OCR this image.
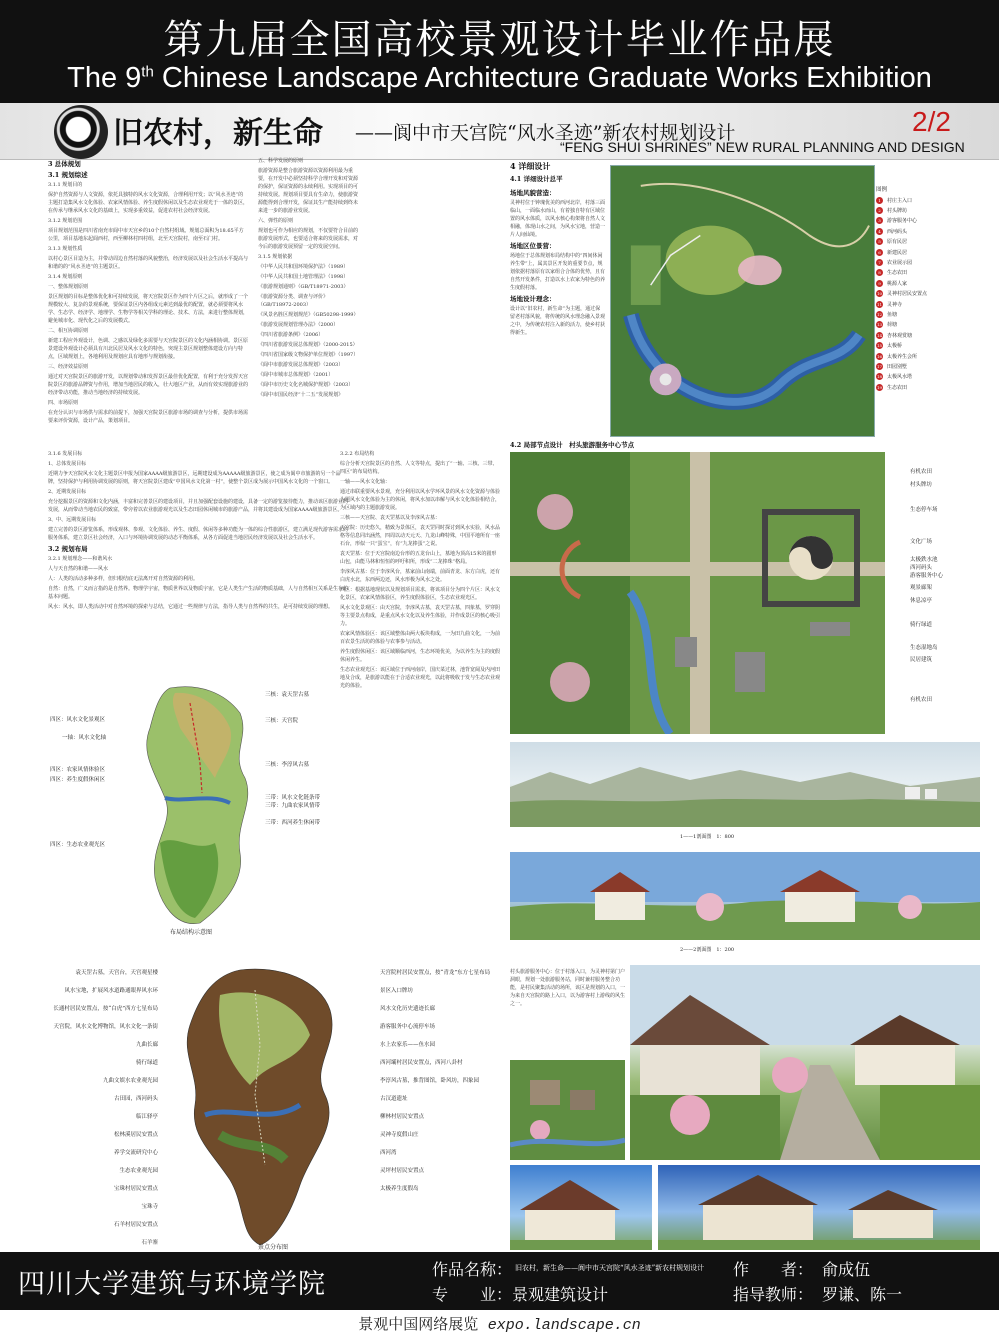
第九届全国高校景观设计毕业作品展
The 9th Chinese Landscape Architecture Graduate Works Exhibition
旧农村，新生命 ——阆中市天宫院“风水圣迹”新农村规划设计	2/2
“FENG SHUI SHRINES” NEW RURAL PLANNING AND DESIGN

3 总体规划

3.1 规划综述

3.1.1 规划目的

保护自然资源与人文资源，依托具独特的风水文化资源，合理利用开发；以“风水圣迹”的主题打造集风水文化体验、农家风情体验、养生度假休闲以及生态农业观光于一体的景区，在传承与继承风水文化的基础上，实现多重效益，促进农村社会经济发展。

3.1.2 规划范围

项目规划范围是四川省南充市阆中市天宫乡的10个自然村组域。规划总面积为18.65平方公里，项目基地东起阆西村，西至柳林村四村组，北至天宫院村，南至石门村。

3.1.3 规划性质

以村心景区目造为主，并带动周边自然村落的风貌整治，经济发展以及社会生活水平提高与和谐的的“风水圣迹”的主题景区。

3.1.4 规划原则

一、整体规划原则

景区规划的目标是整体优化和可持续发展，将天宫院景区作为四个片区之后，就形成了一个规模较大、复杂的景观系统，要保证景区内各组成元素达到最优的配置，就必须要将风水学、生态学、经济学、地理学、生物学等相关学科的理论、技术、方法，来进行整体规划，避免城市化、现代化之后的发展模式。

二、相互协调原则

新建工程应外观设计，色调、之感以及绿化多需要与天宫院景区的文化内涵相协调。景区原景建设外观设计必须具有川北民居及风水文化的特色，突现主景区规划整体建设方向与特点，区域规划上，各地利用及规划应具有地形与规划衔接。

三、经济效益原则

通过对天宫院景区的旅游开发，以规划带动和发挥景区最佳优化配置，有利于充分发挥天宫院景区的旅游品牌资与作用，增加当地居民的收入，壮大地区产业，从而有效实现旅游业的经济带动功能，推动当地经济的持续发展。

四、市场原则

在充分认识与市场供与需求的前提下，加强天宫院景区旅游市场的调查与分析，提供市场需要来评价资源，设计产品，策划项目。

五、科学发展的原则

旅游资源是整合旅游资源以资源利用最为重要，在开发中必须坚持科学合理开发和对资源的保护，保证资源的永续利用。实现项目的可持续发展。规划项目要具有生命力，使旅游资源能得到合理开发，保证其生产能持续到终未来进一步的旅游业发展。

六、弹性的原则

规划也可作为相应的规划，不仅要符合目前的旅游发展形式，也要适合将来的发展需求，对今后的旅游发展预留一定的发展空间。

3.1.5 规划依据

《中华人民共和国环境保护法》（1989）

《中华人民共和国土地管理法》（1998）

《旅游规划通则》（GB/T18971-2003）

《旅游资源分类、调查与评价》（GB/T18972-2003）

《风景名胜区规划规范》（GB50298-1999）

《旅游发展规划管理办法》（2000）

《四川省旅游条例》（2006）

《四川省旅游发展总体规划》（2000-2015）

《四川省国家级文物保护单位规划》（1997）

《阆中市旅游发展总体规划》（2003）

《阆中市城市总体规划》（2001）

《阆中市历史文化名城保护规划》（2003）

《阆中市国民经济“十二五”发展规划》

3.1.6 发展目标

1、总体发展目标

近期力争天宫院风水文化主题景区申报为国家AAAA级旅游景区，远期建设成为AAAAA级旅游景区，使之成为阆中市旅游的另一个品牌，坚持保护与利用协调发展的原则，将天宫院景区建成“中国风水文化第一村”，使整个景区成为展示中国风水文化的一个窗口。

2、近期发展目标

充分挖掘景区的资源和文化内涵，丰富和完善景区的建设项目，并且加强配套设施的建设，具备一定的游览接待能力，推动该区旅游业的发展，从而带动当地农民的致富，带旁着以农业旅游观光以及生态田园休闲城市的旅游产品，并将其建设成为国家AAAA级旅游景区。

3、中、远期发展目标

建立完善的景区游览体系，形成观林、参观、文化体验、养生、度假、休闲等多种功能为一体的综合性旅游区，建立满足现代游客需求的服务体系，建立景区社会经济，入口与环境协调发展的动态平衡体系，从各方面促进当地居民经济发展以及社会生活水平。

3.2 规划布局

3.2.1 规划理念——和谐风水

人与天自然的和谐——风水

人：人类的活动多种多样，但归根结底无法离开对自然资源的利用。

自然：自然，广义而言指的是自然界。物理学宇宙，物质世界以及物质宇宙，它是人类生产生活的物质基础，人与自然相互关系是生存的基本问题。

风水：风水，即人类活动中对自然环境的探索与总结，它通过一些规律与方法，指导人类与自然界的共生，是可持续发展的理想。

3.2.2 布局结构

综合分析天宫院景区的自然、人文等特点，提出了“一轴、三核、三带、四区”的布局结构。

一轴——风水文化轴：

通过串联重要风水景观，充分利用以风水学环风景的风水文化资源与体验为题风水文化体验为主的休闲，将风水加以串解与风水文化体验相结合，为区域内的主题旅游发展。

三核——天宫院、袁天罡墓以及李淳风古墓：

天宫院：历史悠久，精致为景体区，袁天罡同时探讨到风水实验，风水品格等信息同出涵然，四周以动天元天、九龙山峰特殊，中国平地所有一座石台，形似一只“蛋宝”，有“九龙捧蛋”之说。

袁天罡墓：位于天宫院南边台形的五龙台山上，墓地为顶高15米的圆形山包，由能马林和恒恒的呼吁积所，形成“二龙捧珠”格局。

李淳风古墓：位于李淳风台，墓家前山南端，前面青龙、东方白虎，还有白虎水北，东西两边还，风水形极为风水之处。

四区：根据基地现状以及规划项目需求，将该项目分为四个片区：风水文化景区，农家风情体验区，养生度假体验区，生态农业观光区。

风水文化景观区：由天宫院，李淳风古墓，袁天罡古墓，四象墓，罗穿阴等主要景点构成，是重点风水文化以及养生体验，并作成景区的核心吸引力。

农家风情体验区：该区域整体由两大板块构成，一为田九曲文化，一为前百农景生活坊的体验与农事参与活动。

养生度假休闲区：该区域顺临西河，生态环境优美，为以养生为主的度假休闲养生。

生态农业观光区：该区域位于西河南岸，国庆菜过林，池背宽阔及内河田地及合成，是旅游以能在于合适农业观光，以此将吸收于发与生态农业观光的体验。

三核：袁天罡古墓
三核：天宫院
三核：李淳风古墓
三带：风水文化链条带
三带：九曲农家风情带
三带：西河养生休闲带
四区：风水文化景观区
一轴：风水文化轴
四区：农家风情体验区
四区：养生度假休闲区
四区：生态农业观光区
布局结构示意图
袁天罡古墓，天宫台，天宫观星楼
风水宝地，扩展风水道路通眼界风水环
长通村居民安置点，按“白虎”西方七星布局
天宫院，风水文化博物馆，风水文化一条街
九曲长廊
骑行绿道
九曲文娱水农业观光园
古田园，西河码头
临江驿亭
松林溪居民安置点
养学交流研究中心
生态农业观光园
宝珠村居民安置点
宝珠寺
石羊村居民安置点
石羊寨
天宫院村居民安置点，按“青龙”东方七星布局
景区入口牌坊
风水文化历史遗迹长廊
游客服务中心流停车场
水上农家乐——鱼水园
西河壩村居民安置点，西河八卦村
李淳风古墓，推背图馆，卧风坊，四象园
古汉道遗址
柳林村居民安置点
灵神寺度假山庄
西河湾
灵坪村居民安置点
太极养生度假岛
景点分布图
4 详细设计
4.1 详细设计总平

场地风貌营造：

灵神村位于钟瑰优美的西河北岸，村落三面临山，一面临水而山，有着独自特有区域位置的风水体质，以风水核心构架将自然人文相融，体现山水之间，为风水宝地，营造一片人间仙境。

场地区位景营：

场地位于总体规划布局结构中的“四间休闲养生带”上，属其景区开发的重要节点，规划依据村落原有以家组合合体的优势，且有自然开发条件，打造以水上农家为特色的养生度假村落。

场地设计理念：

设计以“旧农村，新生命”为主题，通过保留老村落风貌，将传统的风水理念融入景观之中，为传统农村注入新的活力，使乡村获得新生。

图例
1	村庄主入口
2	村头牌坊
3	游客服务中心
4	西河码头
5	原有民居
6	新建民居
7	农业展示园
8	生态农田
9	桃源人家
10 灵神村居民安置点
11 灵神寺
12 鱼塘
13 荷塘
14 杏林观赏塘
15 太极桥
16 太极养生会所
17 田园别墅
18 太极风水塔
19 生态农田
4.2 局部节点设计　村头旅游服务中心节点
有机农田
村头牌坊
生态停车场
文化广场
太极鉄水池
西河码头
游客服务中心
观景廊架
休息凉亭
骑行绿道
生态湿地岛
民居建筑
有机农田
1——1剖面图　1：800
2——2剖面图　1：200
村头旅游服务中心：位于村落入口，为灵神村第门户洞眼，规划一处旅游服务站，同时兼村服务整合功能，是村民聚集活动的场所，该区是规划的入口，一为来自天宫院的路上入口，以为游客村上游线的风生之一。
四川大学建筑与环境学院	作品名称： 旧农村，新生命——阆中市天宫院“风水圣迹”新农村规划设计 作　　者： 俞成伍
专　　业： 景观建筑设计	指导教师： 罗谦、陈一
景观中国网络展览 expo.landscape.cn
